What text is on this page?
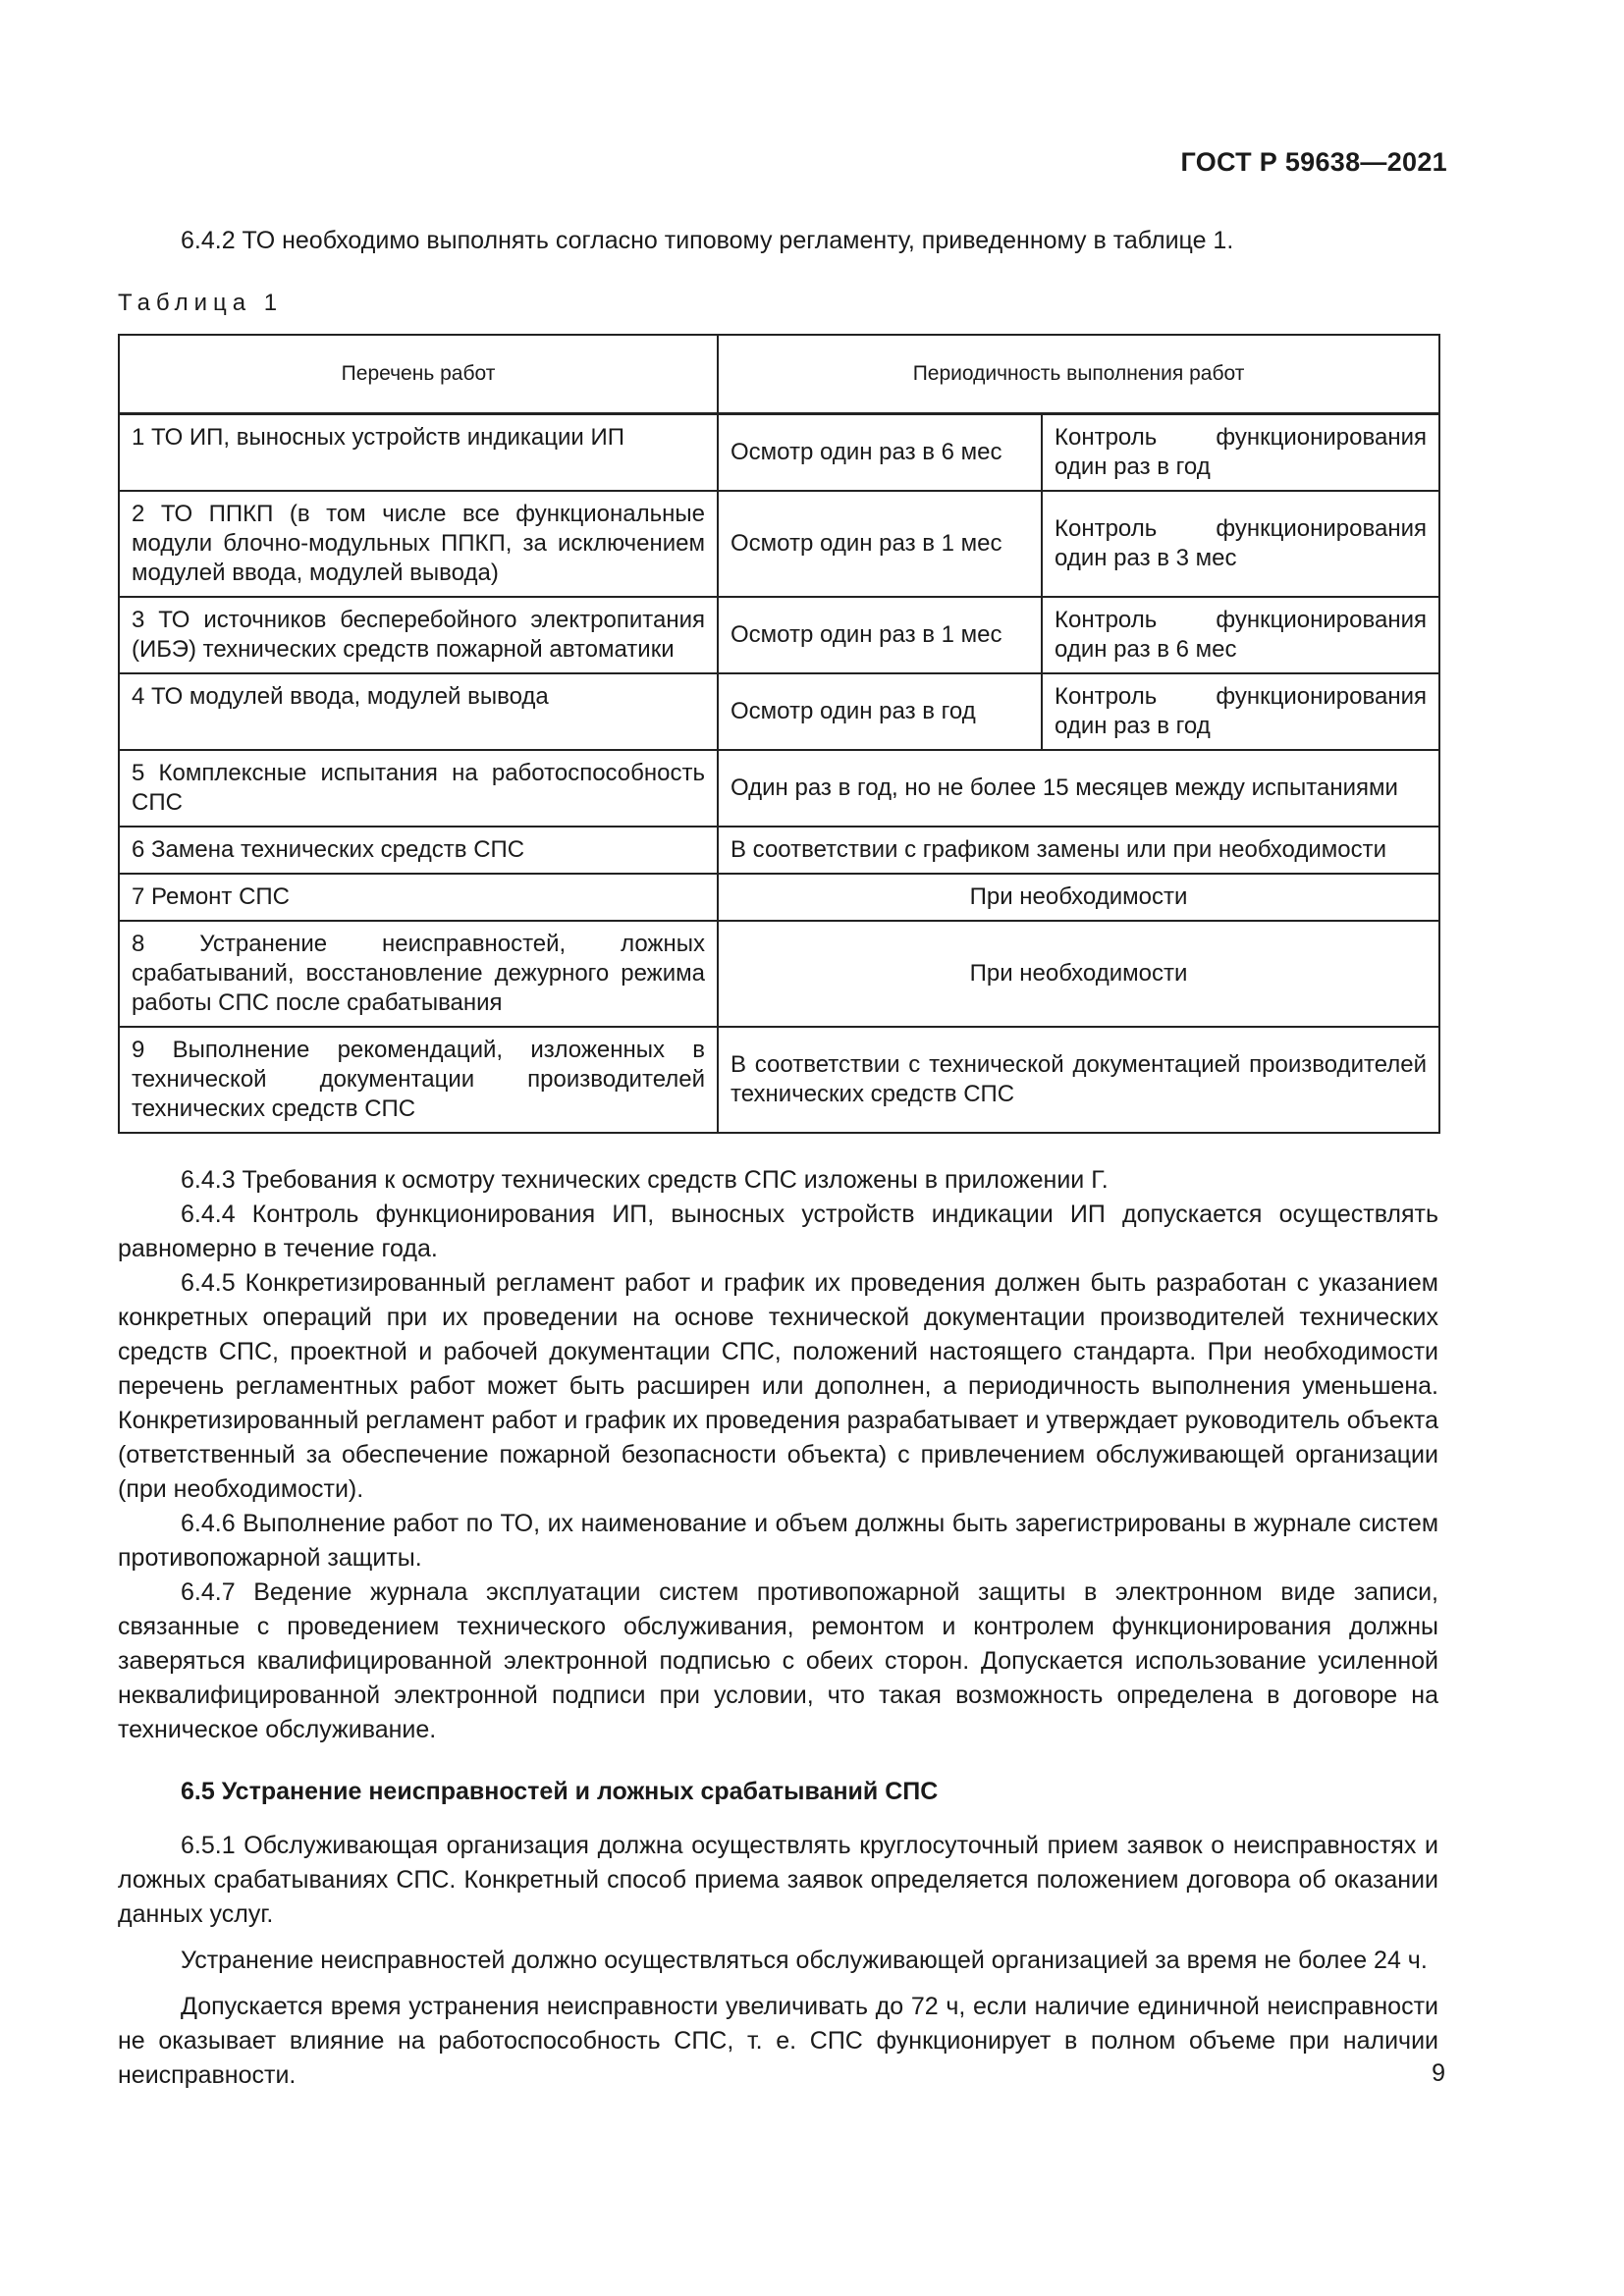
ГОСТ Р 59638—2021

6.4.2 ТО необходимо выполнять согласно типовому регламенту, приведенному в таблице 1.

Таблица 1
Перечень работ	Периодичность выполнения работ	
1 ТО ИП, выносных устройств индикации ИП	Осмотр один раз в 6 мес	Контроль функционирования один раз в год
2 ТО ППКП (в том числе все функциональные модули блочно-модульных ППКП, за исключением модулей ввода, модулей вывода)	Осмотр один раз в 1 мес	Контроль функционирования один раз в 3 мес
3 ТО источников бесперебойного электропитания (ИБЭ) технических средств пожарной автоматики	Осмотр один раз в 1 мес	Контроль функционирования один раз в 6 мес
4 ТО модулей ввода, модулей вывода	Осмотр один раз в год	Контроль функционирования один раз в год
5 Комплексные испытания на работоспособность СПС	Один раз в год, но не более 15 месяцев между испытаниями	
6 Замена технических средств СПС	В соответствии с графиком замены или при необходимости	
7 Ремонт СПС	При необходимости	
8 Устранение неисправностей, ложных срабатываний, восстановление дежурного режима работы СПС после срабатывания	При необходимости	
9 Выполнение рекомендаций, изложенных в технической документации производителей технических средств СПС	В соответствии с технической документацией производителей технических средств СПС	

6.4.3 Требования к осмотру технических средств СПС изложены в приложении Г.

6.4.4 Контроль функционирования ИП, выносных устройств индикации ИП допускается осуществлять равномерно в течение года.

6.4.5 Конкретизированный регламент работ и график их проведения должен быть разработан с указанием конкретных операций при их проведении на основе технической документации производителей технических средств СПС, проектной и рабочей документации СПС, положений настоящего стандарта. При необходимости перечень регламентных работ может быть расширен или дополнен, а периодичность выполнения уменьшена. Конкретизированный регламент работ и график их проведения разрабатывает и утверждает руководитель объекта (ответственный за обеспечение пожарной безопасности объекта) с привлечением обслуживающей организации (при необходимости).

6.4.6 Выполнение работ по ТО, их наименование и объем должны быть зарегистрированы в журнале систем противопожарной защиты.

6.4.7 Ведение журнала эксплуатации систем противопожарной защиты в электронном виде записи, связанные с проведением технического обслуживания, ремонтом и контролем функционирования должны заверяться квалифицированной электронной подписью с обеих сторон. Допускается использование усиленной неквалифицированной электронной подписи при условии, что такая возможность определена в договоре на техническое обслуживание.

6.5 Устранение неисправностей и ложных срабатываний СПС

6.5.1 Обслуживающая организация должна осуществлять круглосуточный прием заявок о неисправностях и ложных срабатываниях СПС. Конкретный способ приема заявок определяется положением договора об оказании данных услуг.

Устранение неисправностей должно осуществляться обслуживающей организацией за время не более 24 ч.

Допускается время устранения неисправности увеличивать до 72 ч, если наличие единичной неисправности не оказывает влияние на работоспособность СПС, т. е. СПС функционирует в полном объеме при наличии неисправности.	9
